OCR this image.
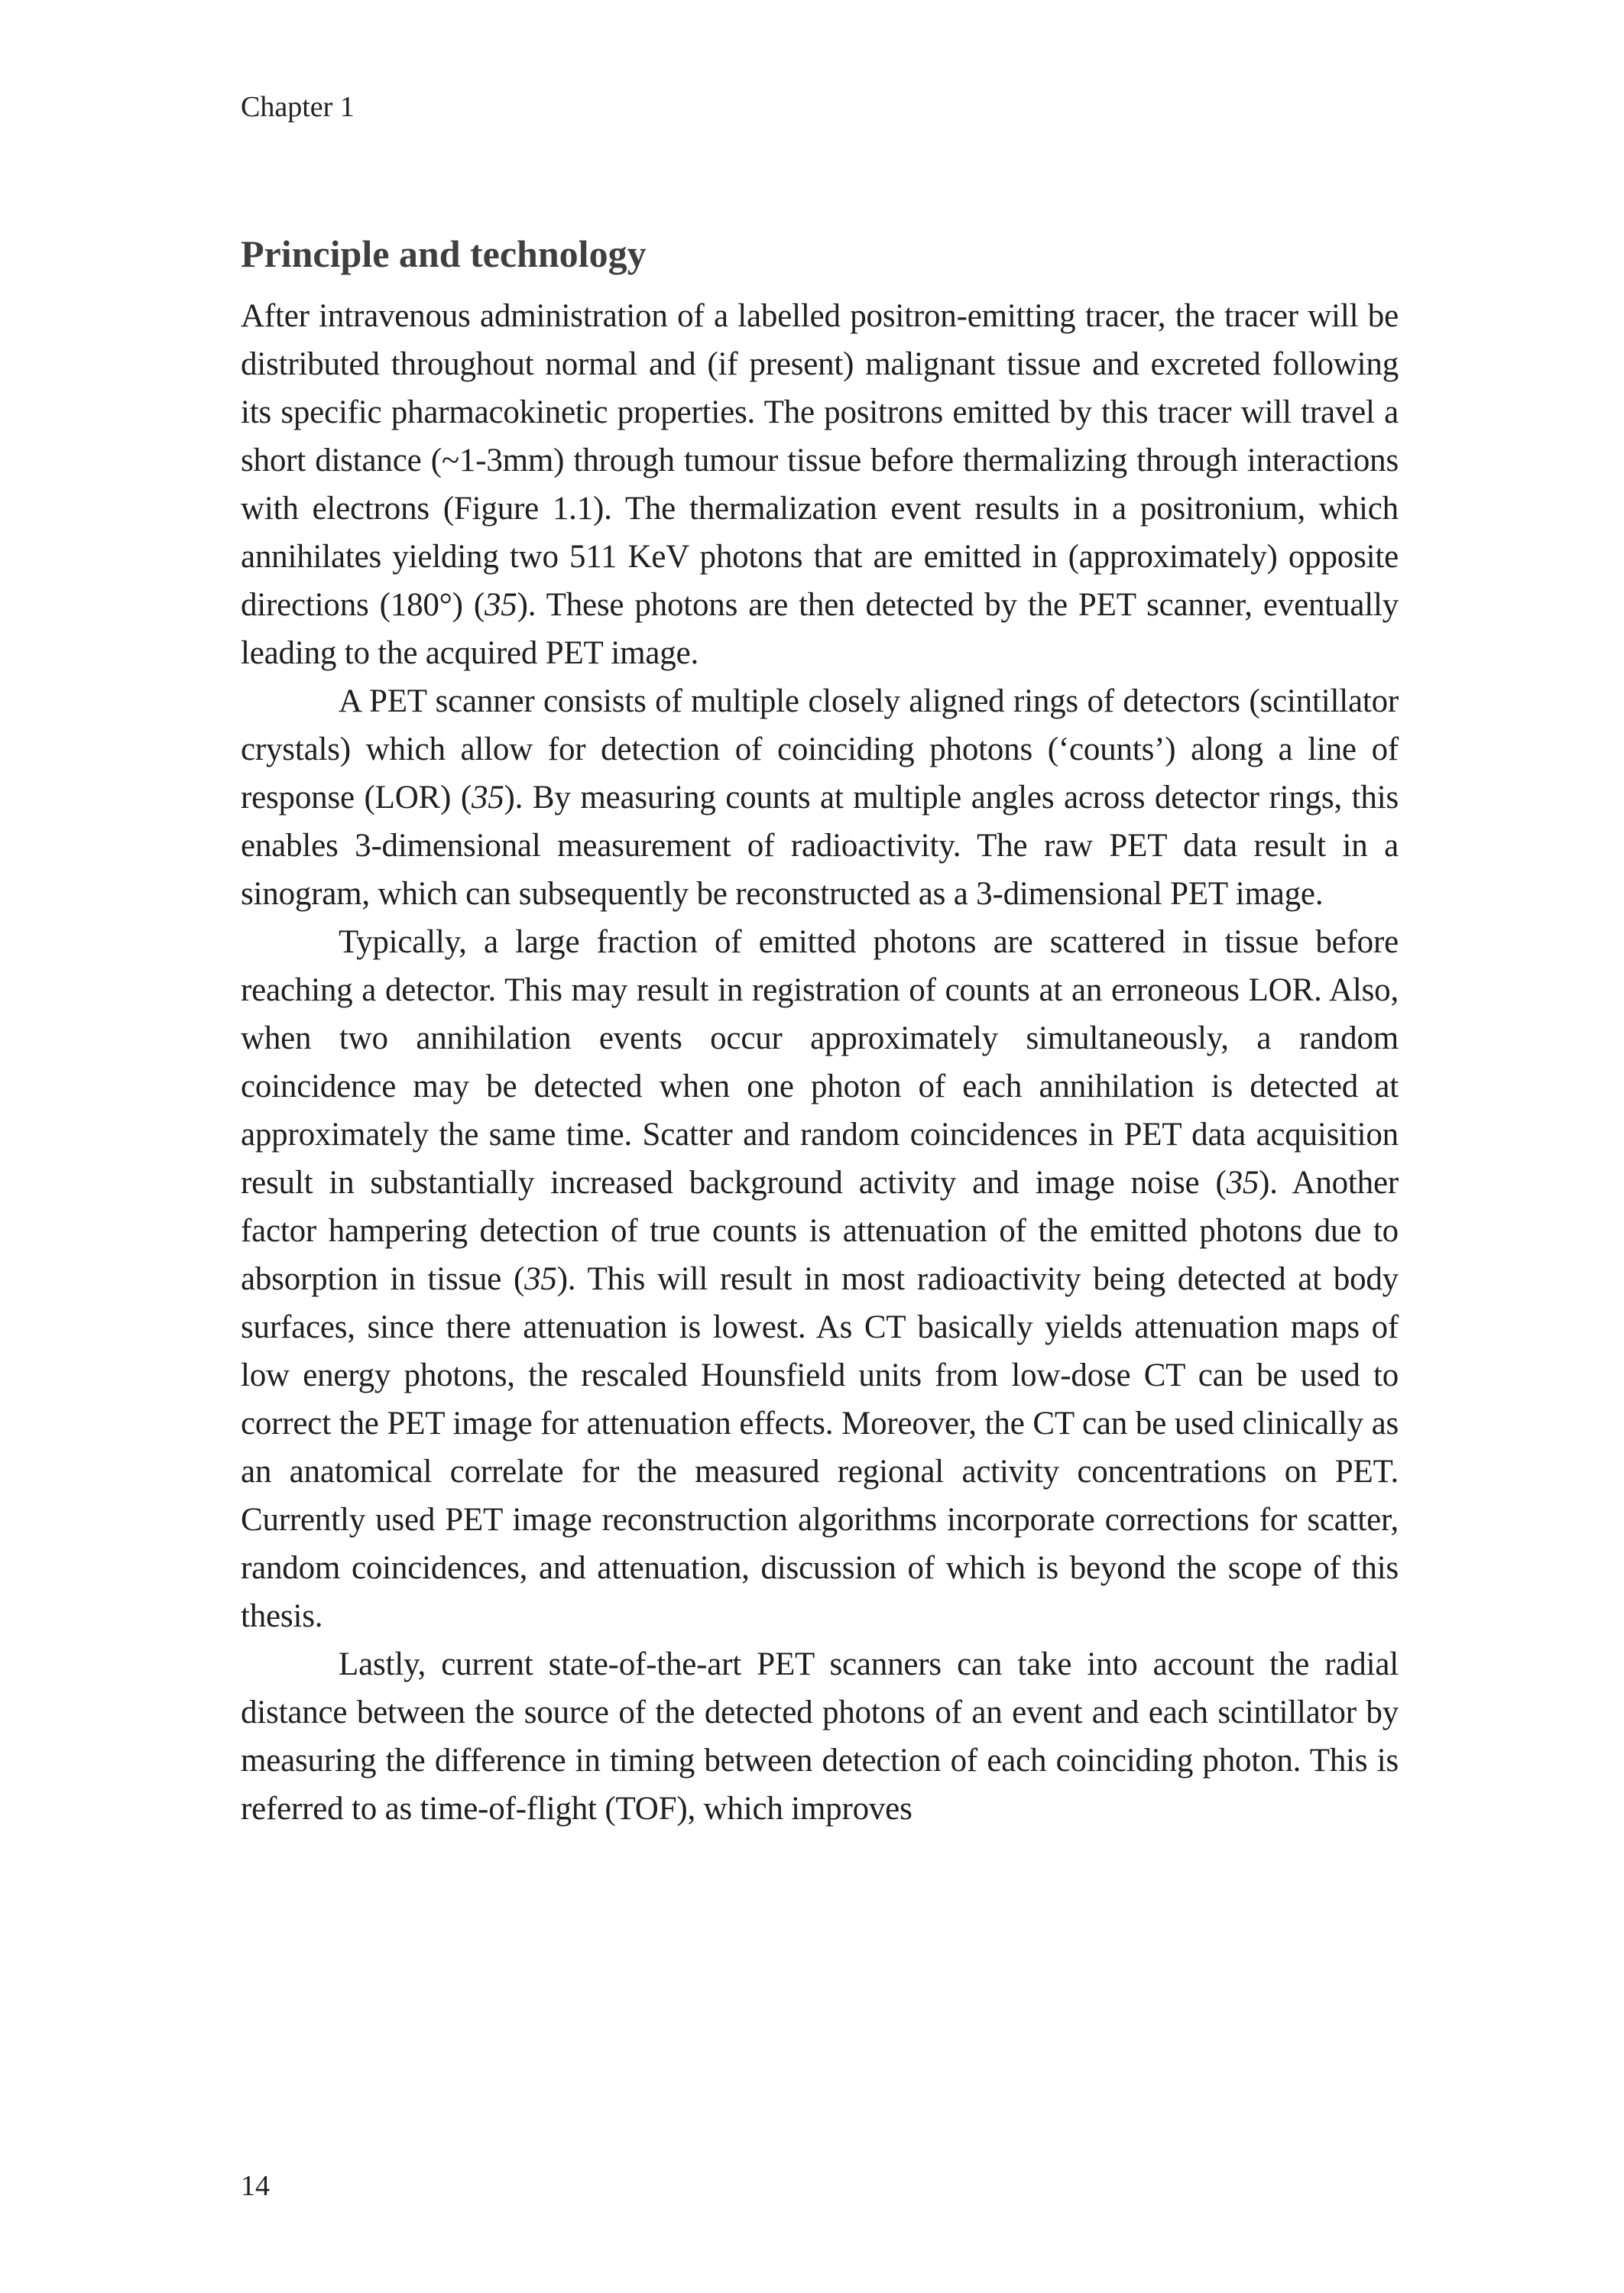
Chapter 1
Principle and technology

After intravenous administration of a labelled positron-emitting tracer, the tracer will be distributed throughout normal and (if present) malignant tissue and excreted following its specific pharmacokinetic properties. The positrons emitted by this tracer will travel a short distance (~1-3mm) through tumour tissue before thermalizing through interactions with electrons (Figure 1.1). The thermalization event results in a positronium, which annihilates yielding two 511 KeV photons that are emitted in (approximately) opposite directions (180°) (35). These photons are then detected by the PET scanner, eventually leading to the acquired PET image.

A PET scanner consists of multiple closely aligned rings of detectors (scintillator crystals) which allow for detection of coinciding photons (‘counts’) along a line of response (LOR) (35). By measuring counts at multiple angles across detector rings, this enables 3-dimensional measurement of radioactivity. The raw PET data result in a sinogram, which can subsequently be reconstructed as a 3-dimensional PET image.

Typically, a large fraction of emitted photons are scattered in tissue before reaching a detector. This may result in registration of counts at an erroneous LOR. Also, when two annihilation events occur approximately simultaneously, a random coincidence may be detected when one photon of each annihilation is detected at approximately the same time. Scatter and random coincidences in PET data acquisition result in substantially increased background activity and image noise (35). Another factor hampering detection of true counts is attenuation of the emitted photons due to absorption in tissue (35). This will result in most radioactivity being detected at body surfaces, since there attenuation is lowest. As CT basically yields attenuation maps of low energy photons, the rescaled Hounsfield units from low-dose CT can be used to correct the PET image for attenuation effects. Moreover, the CT can be used clinically as an anatomical correlate for the measured regional activity concentrations on PET. Currently used PET image reconstruction algorithms incorporate corrections for scatter, random coincidences, and attenuation, discussion of which is beyond the scope of this thesis.

Lastly, current state-of-the-art PET scanners can take into account the radial distance between the source of the detected photons of an event and each scintillator by measuring the difference in timing between detection of each coinciding photon. This is referred to as time-of-flight (TOF), which improves

14
